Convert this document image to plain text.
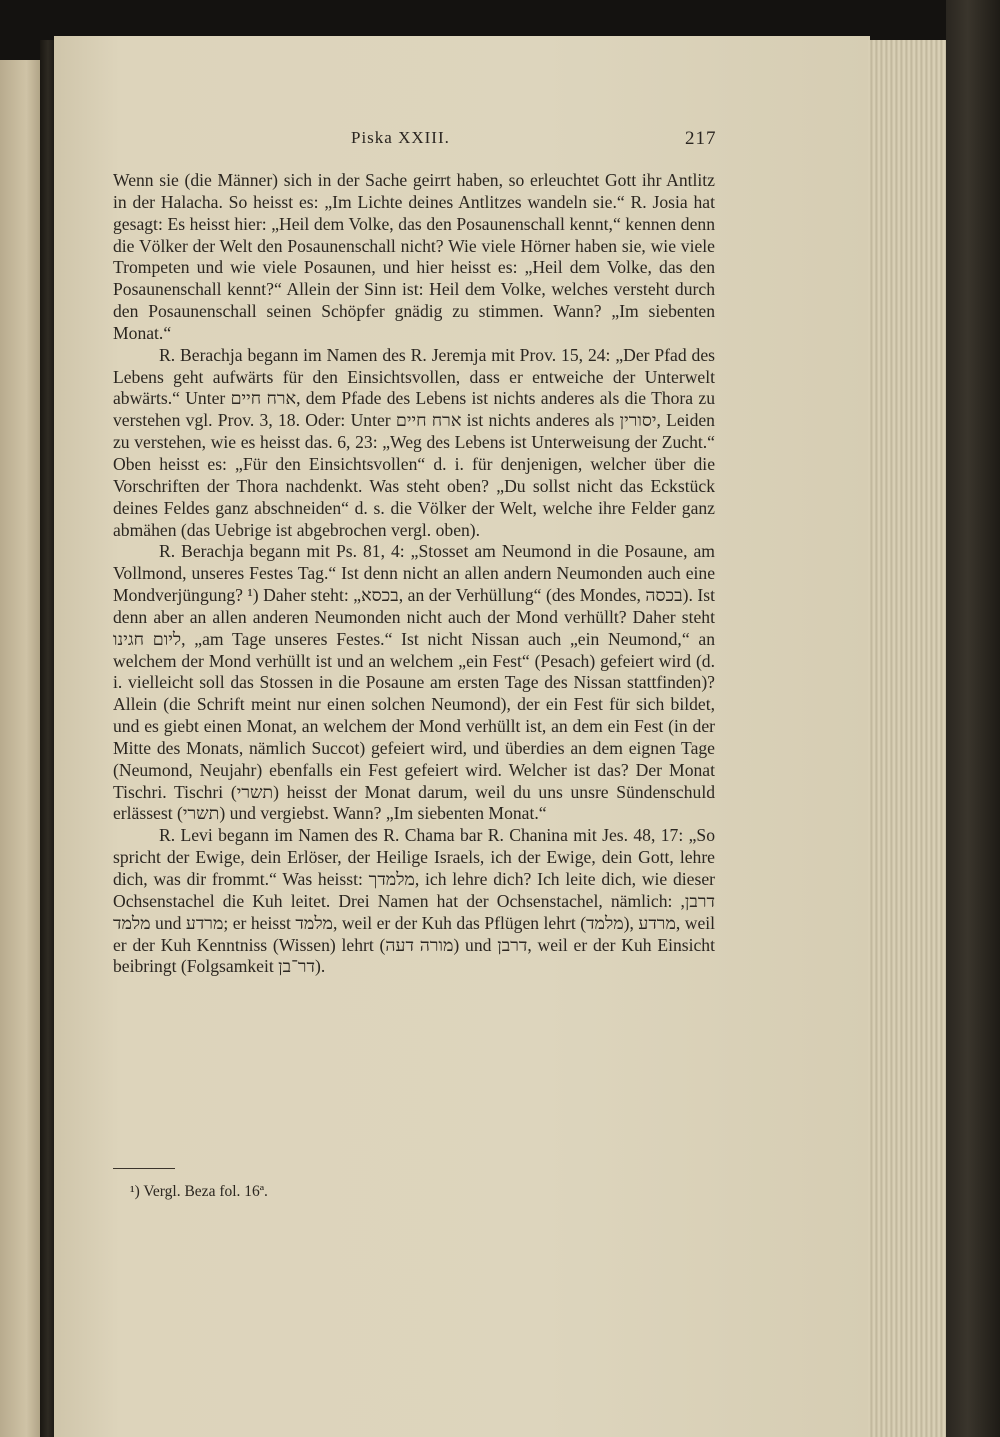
Piska XXIII.	217

Wenn sie (die Männer) sich in der Sache geirrt haben, so erleuchtet Gott ihr Antlitz in der Halacha. So heisst es: „Im Lichte deines Antlitzes wandeln sie.“ R. Josia hat gesagt: Es heisst hier: „Heil dem Volke, das den Posaunenschall kennt,“ kennen denn die Völker der Welt den Posaunenschall nicht? Wie viele Hörner haben sie, wie viele Trompeten und wie viele Posaunen, und hier heisst es: „Heil dem Volke, das den Posaunenschall kennt?“ Allein der Sinn ist: Heil dem Volke, welches versteht durch den Posaunenschall seinen Schöpfer gnädig zu stimmen. Wann? „Im siebenten Monat.“

R. Berachja begann im Namen des R. Jeremja mit Prov. 15, 24: „Der Pfad des Lebens geht aufwärts für den Einsichtsvollen, dass er entweiche der Unterwelt abwärts.“ Unter ארח חיים, dem Pfade des Lebens ist nichts anderes als die Thora zu verstehen vgl. Prov. 3, 18. Oder: Unter ארח חיים ist nichts anderes als יסורין, Leiden zu verstehen, wie es heisst das. 6, 23: „Weg des Lebens ist Unterweisung der Zucht.“ Oben heisst es: „Für den Einsichtsvollen“ d. i. für denjenigen, welcher über die Vorschriften der Thora nachdenkt. Was steht oben? „Du sollst nicht das Eckstück deines Feldes ganz abschneiden“ d. s. die Völker der Welt, welche ihre Felder ganz abmähen (das Uebrige ist abgebrochen vergl. oben).

R. Berachja begann mit Ps. 81, 4: „Stosset am Neumond in die Posaune, am Vollmond, unseres Festes Tag.“ Ist denn nicht an allen andern Neumonden auch eine Mondverjüngung? ¹) Daher steht: „בכסא, an der Verhüllung“ (des Mondes, בכסה). Ist denn aber an allen anderen Neumonden nicht auch der Mond verhüllt? Daher steht ליום חגינו, „am Tage unseres Festes.“ Ist nicht Nissan auch „ein Neumond,“ an welchem der Mond verhüllt ist und an welchem „ein Fest“ (Pesach) gefeiert wird (d. i. vielleicht soll das Stossen in die Posaune am ersten Tage des Nissan stattfinden)? Allein (die Schrift meint nur einen solchen Neumond), der ein Fest für sich bildet, und es giebt einen Monat, an welchem der Mond verhüllt ist, an dem ein Fest (in der Mitte des Monats, nämlich Succot) gefeiert wird, und überdies an dem eignen Tage (Neumond, Neujahr) ebenfalls ein Fest gefeiert wird. Welcher ist das? Der Monat Tischri. Tischri (תשרי) heisst der Monat darum, weil du uns unsre Sündenschuld erlässest (תשרי) und vergiebst. Wann? „Im siebenten Monat.“

R. Levi begann im Namen des R. Chama bar R. Chanina mit Jes. 48, 17: „So spricht der Ewige, dein Erlöser, der Heilige Israels, ich der Ewige, dein Gott, lehre dich, was dir frommt.“ Was heisst: מלמדך, ich lehre dich? Ich leite dich, wie dieser Ochsenstachel die Kuh leitet. Drei Namen hat der Ochsenstachel, nämlich: דרבן, מלמד und מרדע; er heisst מלמד, weil er der Kuh das Pflügen lehrt (מלמד), מרדע, weil er der Kuh Kenntniss (Wissen) lehrt (מורה דעה) und דרבן, weil er der Kuh Einsicht beibringt (Folgsamkeit דר־בן).

¹) Vergl. Beza fol. 16ª.
